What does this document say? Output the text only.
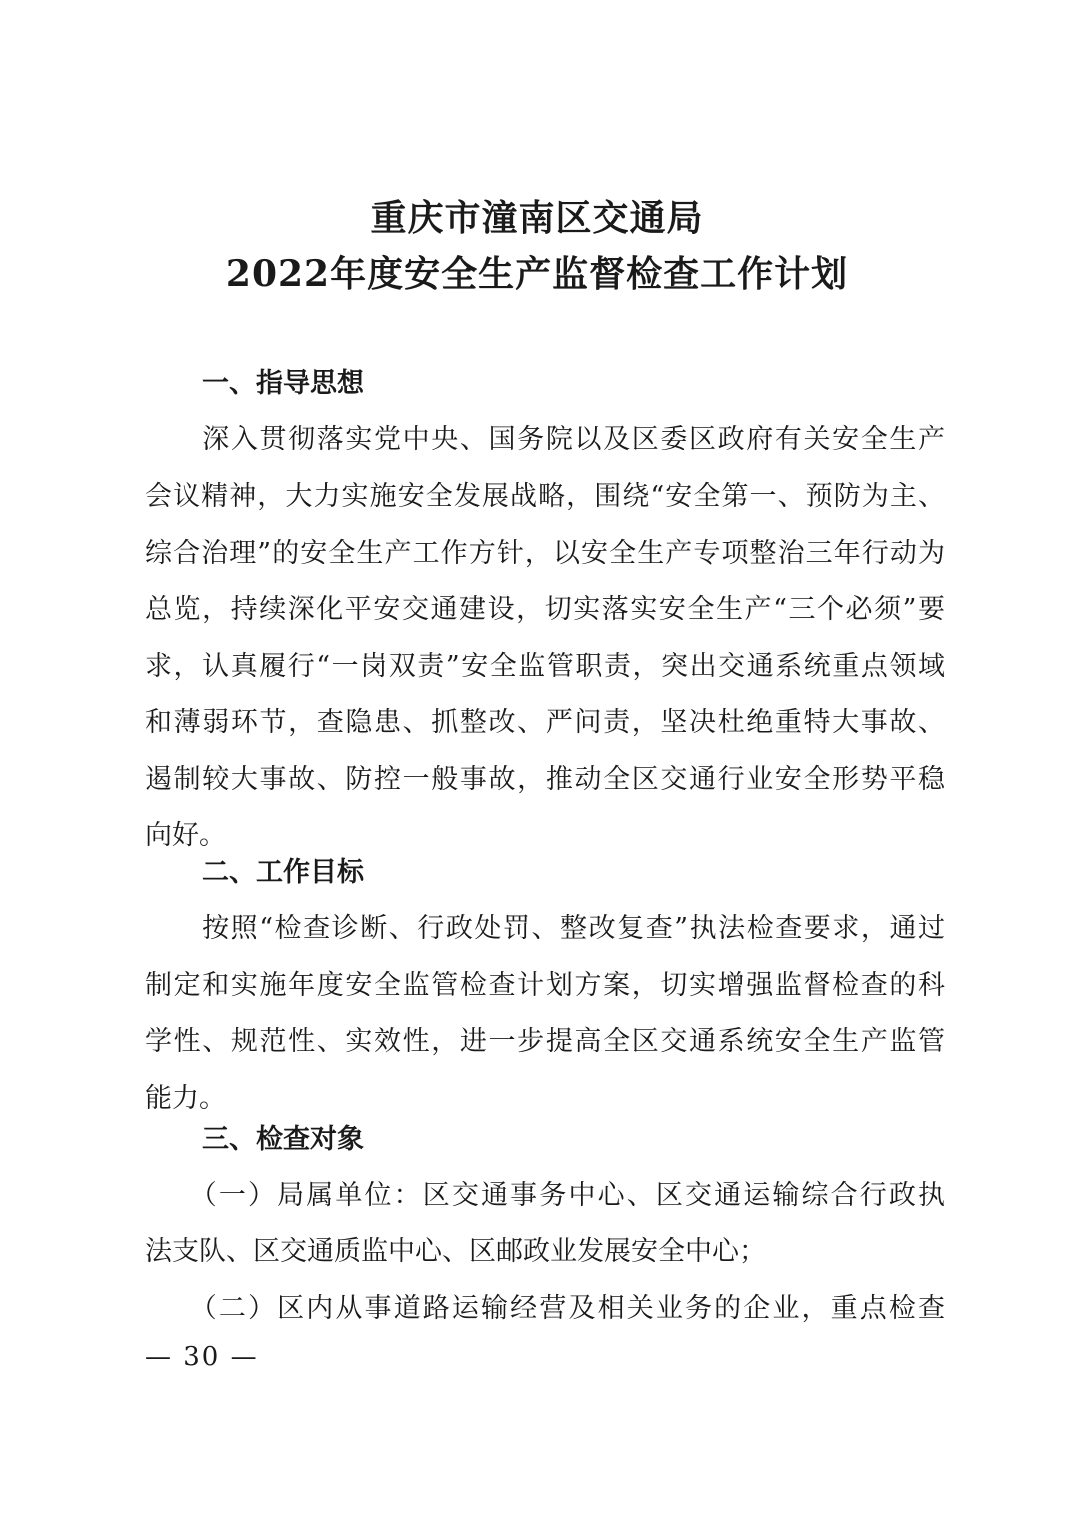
重庆市潼南区交通局
2022年度安全生产监督检查工作计划
一、指导思想
　　深入贯彻落实党中央、国务院以及区委区政府有关安全生产
会议精神，大力实施安全发展战略，围绕“安全第一、预防为主、
综合治理”的安全生产工作方针，以安全生产专项整治三年行动为
总览，持续深化平安交通建设，切实落实安全生产“三个必须”要
求，认真履行“一岗双责”安全监管职责，突出交通系统重点领域
和薄弱环节，查隐患、抓整改、严问责，坚决杜绝重特大事故、
遏制较大事故、防控一般事故，推动全区交通行业安全形势平稳
向好。
二、工作目标
　　按照“检查诊断、行政处罚、整改复查”执法检查要求，通过
制定和实施年度安全监管检查计划方案，切实增强监督检查的科
学性、规范性、实效性，进一步提高全区交通系统安全生产监管
能力。
三、检查对象
　　（一）局属单位：区交通事务中心、区交通运输综合行政执
法支队、区交通质监中心、区邮政业发展安全中心；
　　（二）区内从事道路运输经营及相关业务的企业，重点检查
— 30 —
